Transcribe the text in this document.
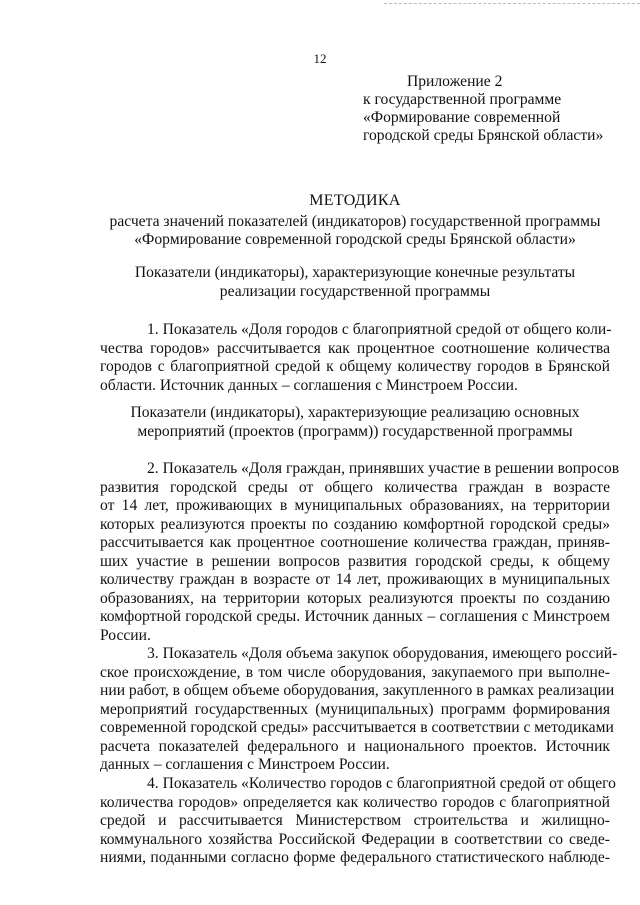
12
Приложение 2
к государственной программе
«Формирование современной
городской среды Брянской области»
МЕТОДИКА
расчета значений показателей (индикаторов) государственной программы
«Формирование современной городской среды Брянской области»
Показатели (индикаторы), характеризующие конечные результаты
реализации государственной программы
1. Показатель «Доля городов с благоприятной средой от общего коли-
чества городов» рассчитывается как процентное соотношение количества
городов с благоприятной средой к общему количеству городов в Брянской
области. Источник данных – соглашения с Минстроем России.
Показатели (индикаторы), характеризующие реализацию основных
мероприятий (проектов (программ)) государственной программы
2. Показатель «Доля граждан, принявших участие в решении вопросов
развития городской среды от общего количества граждан в возрасте
от 14 лет, проживающих в муниципальных образованиях, на территории
которых реализуются проекты по созданию комфортной городской среды»
рассчитывается как процентное соотношение количества граждан, приняв-
ших участие в решении вопросов развития городской среды, к общему
количеству граждан в возрасте от 14 лет, проживающих в муниципальных
образованиях, на территории которых реализуются проекты по созданию
комфортной городской среды. Источник данных – соглашения с Минстроем
России.
3. Показатель «Доля объема закупок оборудования, имеющего россий-
ское происхождение, в том числе оборудования, закупаемого при выполне-
нии работ, в общем объеме оборудования, закупленного в рамках реализации
мероприятий государственных (муниципальных) программ формирования
современной городской среды» рассчитывается в соответствии с методиками
расчета показателей федерального и национального проектов. Источник
данных – соглашения с Минстроем России.
4. Показатель «Количество городов с благоприятной средой от общего
количества городов» определяется как количество городов с благоприятной
средой и рассчитывается Министерством строительства и жилищно-
коммунального хозяйства Российской Федерации в соответствии со сведе-
ниями, поданными согласно форме федерального статистического наблюде-
